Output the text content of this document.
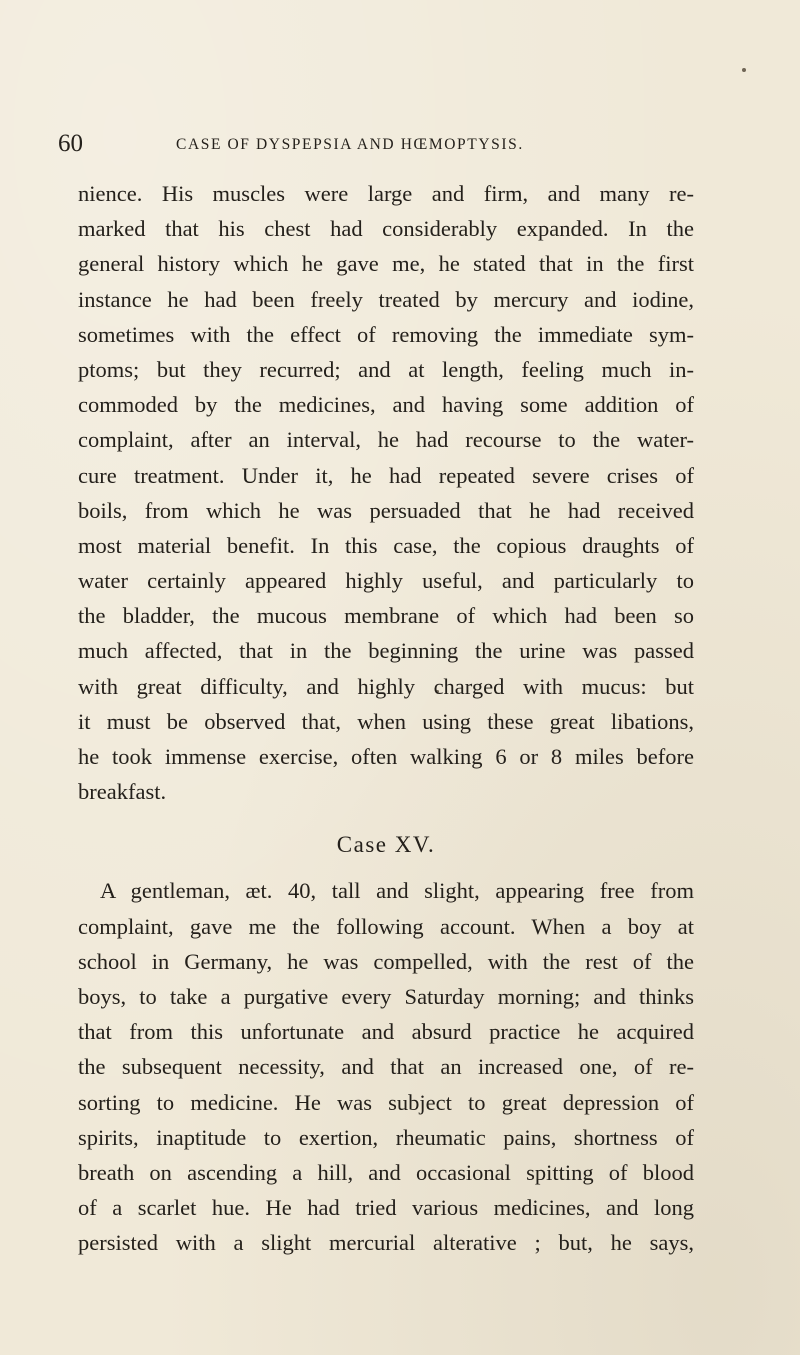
60	CASE OF DYSPEPSIA AND HŒMOPTYSIS.
nience. His muscles were large and firm, and many re-
marked that his chest had considerably expanded. In the
general history which he gave me, he stated that in the first
instance he had been freely treated by mercury and iodine,
sometimes with the effect of removing the immediate sym-
ptoms; but they recurred; and at length, feeling much in-
commoded by the medicines, and having some addition of
complaint, after an interval, he had recourse to the water-
cure treatment. Under it, he had repeated severe crises of
boils, from which he was persuaded that he had received
most material benefit. In this case, the copious draughts of
water certainly appeared highly useful, and particularly to
the bladder, the mucous membrane of which had been so
much affected, that in the beginning the urine was passed
with great difficulty, and highly charged with mucus: but
it must be observed that, when using these great libations,
he took immense exercise, often walking 6 or 8 miles before
breakfast.
Case XV.
A gentleman, æt. 40, tall and slight, appearing free from
complaint, gave me the following account. When a boy at
school in Germany, he was compelled, with the rest of the
boys, to take a purgative every Saturday morning; and thinks
that from this unfortunate and absurd practice he acquired
the subsequent necessity, and that an increased one, of re-
sorting to medicine. He was subject to great depression of
spirits, inaptitude to exertion, rheumatic pains, shortness of
breath on ascending a hill, and occasional spitting of blood
of a scarlet hue. He had tried various medicines, and long
persisted with a slight mercurial alterative ; but, he says,
